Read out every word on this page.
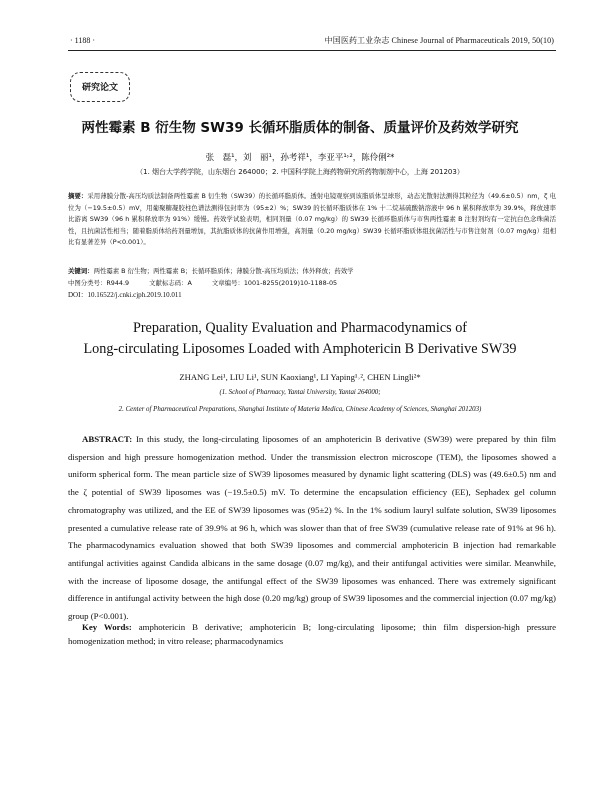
· 1188 ·	中国医药工业杂志 Chinese Journal of Pharmaceuticals 2019, 50(10)
研究论文
两性霉素 B 衍生物 SW39 长循环脂质体的制备、质量评价及药效学研究
张　磊¹，刘　丽¹，孙考祥¹，李亚平¹˒²，陈伶俐²*
（1. 烟台大学药学院，山东烟台 264000；2. 中国科学院上海药物研究所药物制剂中心，上海 201203）
摘要：采用薄膜分散-高压均质法制备两性霉素 B 衍生物（SW39）的长循环脂质体。透射电镜观察到该脂质体呈球形，动态光散射法测得其粒径为（49.6±0.5）nm，ζ 电位为（−19.5±0.5）mV，用葡聚糖凝胶柱色谱法测得包封率为（95±2）%；SW39 的长循环脂质体在 1% 十二烷基硫酸钠溶液中 96 h 累积释放率为 39.9%，释放速率比游离 SW39（96 h 累积释放率为 91%）缓慢。药效学试验表明，相同剂量（0.07 mg/kg）的 SW39 长循环脂质体与市售两性霉素 B 注射剂均有一定抗白色念珠菌活性，且抗菌活性相当；随着脂质体给药剂量增加，其抗脂质体的抗菌作用增强，高剂量（0.20 mg/kg）SW39 长循环脂质体组抗菌活性与市售注射剂（0.07 mg/kg）组相比有显著差异（P<0.001）。
关键词：两性霉素 B 衍生物；两性霉素 B；长循环脂质体；薄膜分散-高压均质法；体外释放；药效学
中图分类号：R944.9	文献标志码：A	文章编号：1001-8255(2019)10-1188-05
DOI：10.16522/j.cnki.cjph.2019.10.011
Preparation, Quality Evaluation and Pharmacodynamics of
Long-circulating Liposomes Loaded with Amphotericin B Derivative SW39
ZHANG Lei¹, LIU Li¹, SUN Kaoxiang¹, LI Yaping¹˒², CHEN Lingli²*
(1. School of Pharmacy, Yantai University, Yantai 264000;
2. Center of Pharmaceutical Preparations, Shanghai Institute of Materia Medica, Chinese Academy of Sciences, Shanghai 201203)
ABSTRACT: In this study, the long-circulating liposomes of an amphotericin B derivative (SW39) were prepared by thin film dispersion and high pressure homogenization method. Under the transmission electron microscope (TEM), the liposomes showed a uniform spherical form. The mean particle size of SW39 liposomes measured by dynamic light scattering (DLS) was (49.6±0.5) nm and the ζ potential of SW39 liposomes was (−19.5±0.5) mV. To determine the encapsulation efficiency (EE), Sephadex gel column chromatography was utilized, and the EE of SW39 liposomes was (95±2) %. In the 1% sodium lauryl sulfate solution, SW39 liposomes presented a cumulative release rate of 39.9% at 96 h, which was slower than that of free SW39 (cumulative release rate of 91% at 96 h). The pharmacodynamics evaluation showed that both SW39 liposomes and commercial amphotericin B injection had remarkable antifungal activities against Candida albicans in the same dosage (0.07 mg/kg), and their antifungal activities were similar. Meanwhile, with the increase of liposome dosage, the antifungal effect of the SW39 liposomes was enhanced. There was extremely significant difference in antifungal activity between the high dose (0.20 mg/kg) group of SW39 liposomes and the commercial injection (0.07 mg/kg) group (P<0.001).
Key Words: amphotericin B derivative; amphotericin B; long-circulating liposome; thin film dispersion-high pressure homogenization method; in vitro release; pharmacodynamics
